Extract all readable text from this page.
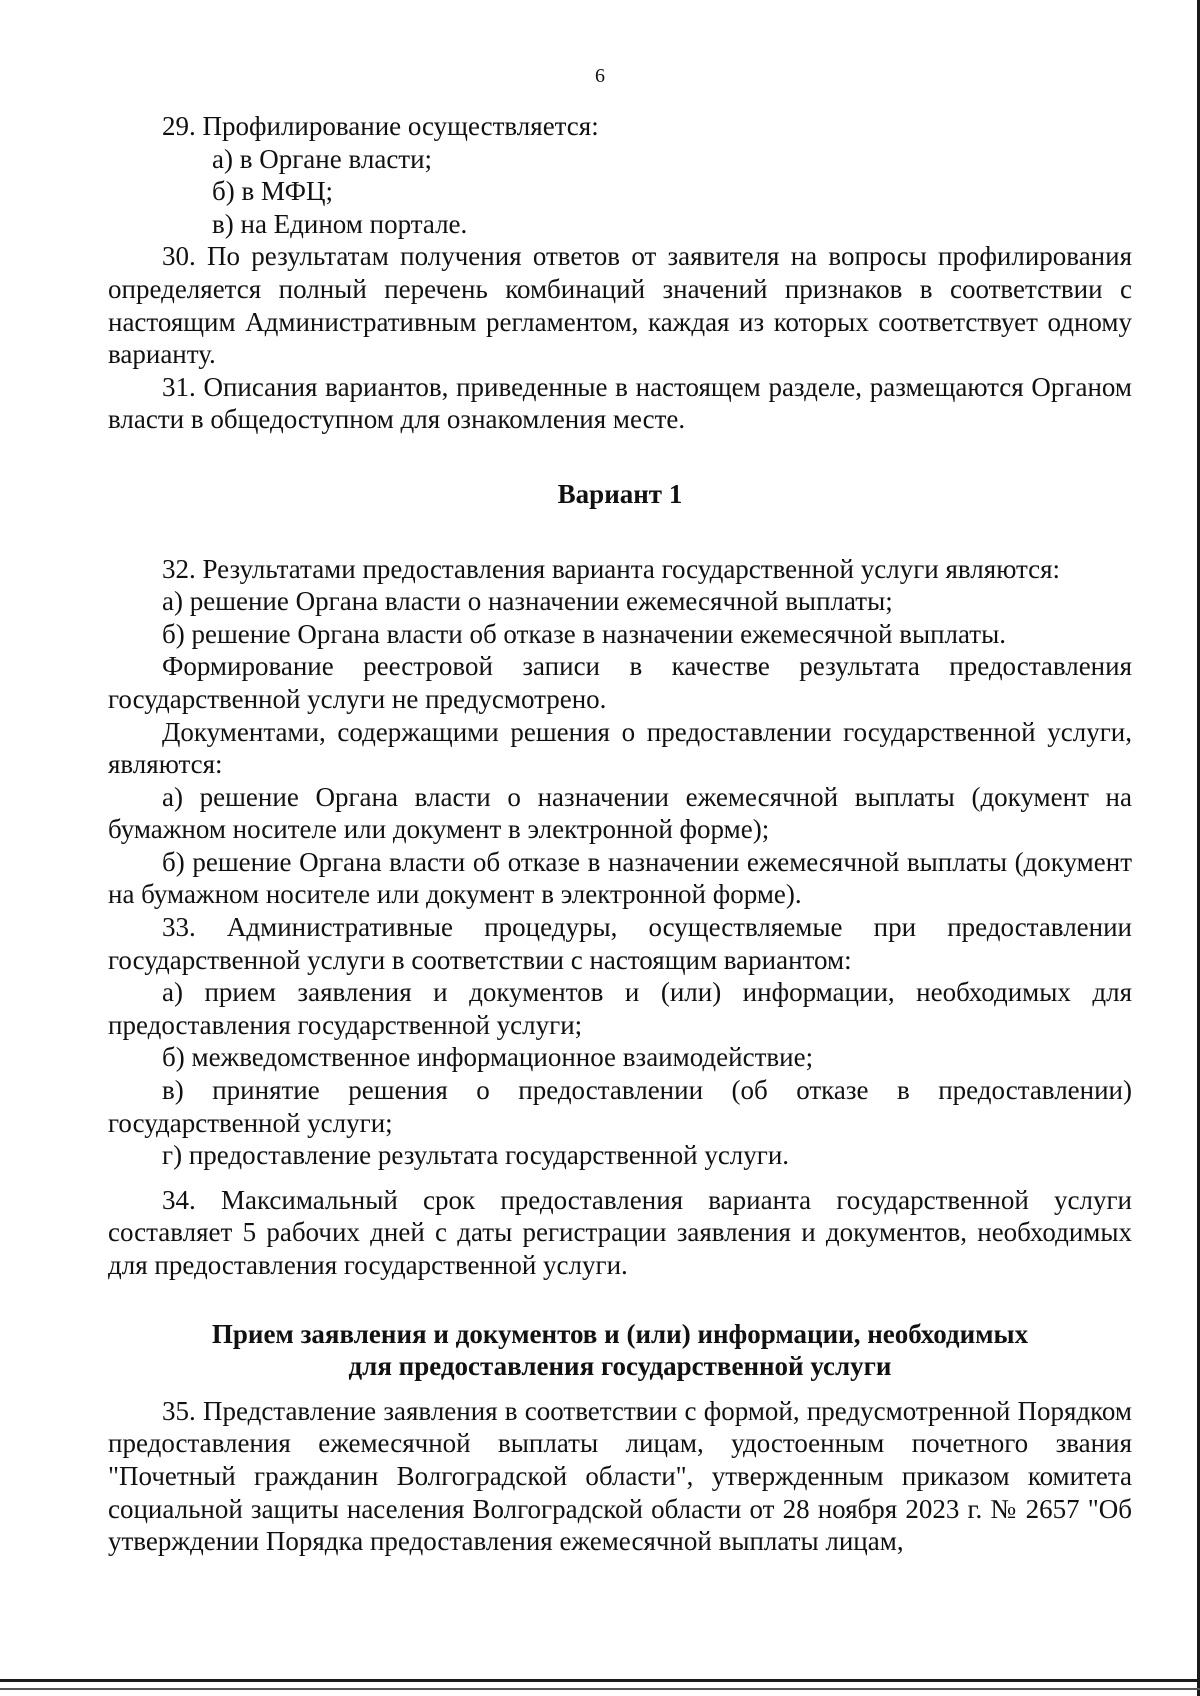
6

29. Профилирование осуществляется:

а) в Органе власти;

б) в МФЦ;

в) на Едином портале.

30. По результатам получения ответов от заявителя на вопросы профилирования определяется полный перечень комбинаций значений признаков в соответствии с настоящим Административным регламентом, каждая из которых соответствует одному варианту.

31. Описания вариантов, приведенные в настоящем разделе, размещаются Органом власти в общедоступном для ознакомления месте.

Вариант 1

32. Результатами предоставления варианта государственной услуги являются:

а) решение Органа власти о назначении ежемесячной выплаты;

б) решение Органа власти об отказе в назначении ежемесячной выплаты.

Формирование реестровой записи в качестве результата предоставления государственной услуги не предусмотрено.

Документами, содержащими решения о предоставлении государственной услуги, являются:

а) решение Органа власти о назначении ежемесячной выплаты (документ на бумажном носителе или документ в электронной форме);

б) решение Органа власти об отказе в назначении ежемесячной выплаты (документ на бумажном носителе или документ в электронной форме).

33. Административные процедуры, осуществляемые при предоставлении государственной услуги в соответствии с настоящим вариантом:

а) прием заявления и документов и (или) информации, необходимых для предоставления государственной услуги;

б) межведомственное информационное взаимодействие;

в) принятие решения о предоставлении (об отказе в предоставлении) государственной услуги;

г) предоставление результата государственной услуги.

34. Максимальный срок предоставления варианта государственной услуги составляет 5 рабочих дней с даты регистрации заявления и документов, необходимых для предоставления государственной услуги.

Прием заявления и документов и (или) информации, необходимых

для предоставления государственной услуги

35. Представление заявления в соответствии с формой, предусмотренной Порядком предоставления ежемесячной выплаты лицам, удостоенным почетного звания "Почетный гражданин Волгоградской области", утвержденным приказом комитета социальной защиты населения Волгоградской области от 28 ноября 2023 г. № 2657 "Об утверждении Порядка предоставления ежемесячной выплаты лицам,
